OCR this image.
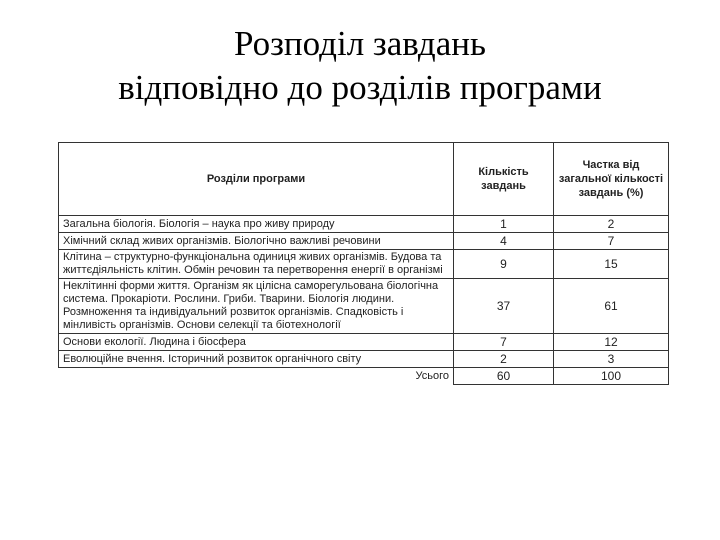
Розподіл завдань
відповідно до розділів програми
Розділи програми	Кількість завдань	Частка від загальної кількості завдань (%)
Загальна біологія. Біологія – наука про живу природу	1	2
Хімічний склад живих організмів. Біологічно важливі речовини	4	7
Клітина – структурно-функціональна одиниця живих організмів. Будова та життєдіяльність клітин. Обмін речовин та перетворення енергії в організмі	9	15
Неклітинні форми життя. Організм як цілісна саморегульована біологічна система. Прокаріоти. Рослини. Гриби. Тварини. Біологія людини. Розмноження та індивідуальний розвиток організмів. Спадковість і мінливість організмів. Основи селекції та біотехнології	37	61
Основи екології. Людина і біосфера	7	12
Еволюційне вчення. Історичний розвиток органічного світу	2	3
Усього	60	100
